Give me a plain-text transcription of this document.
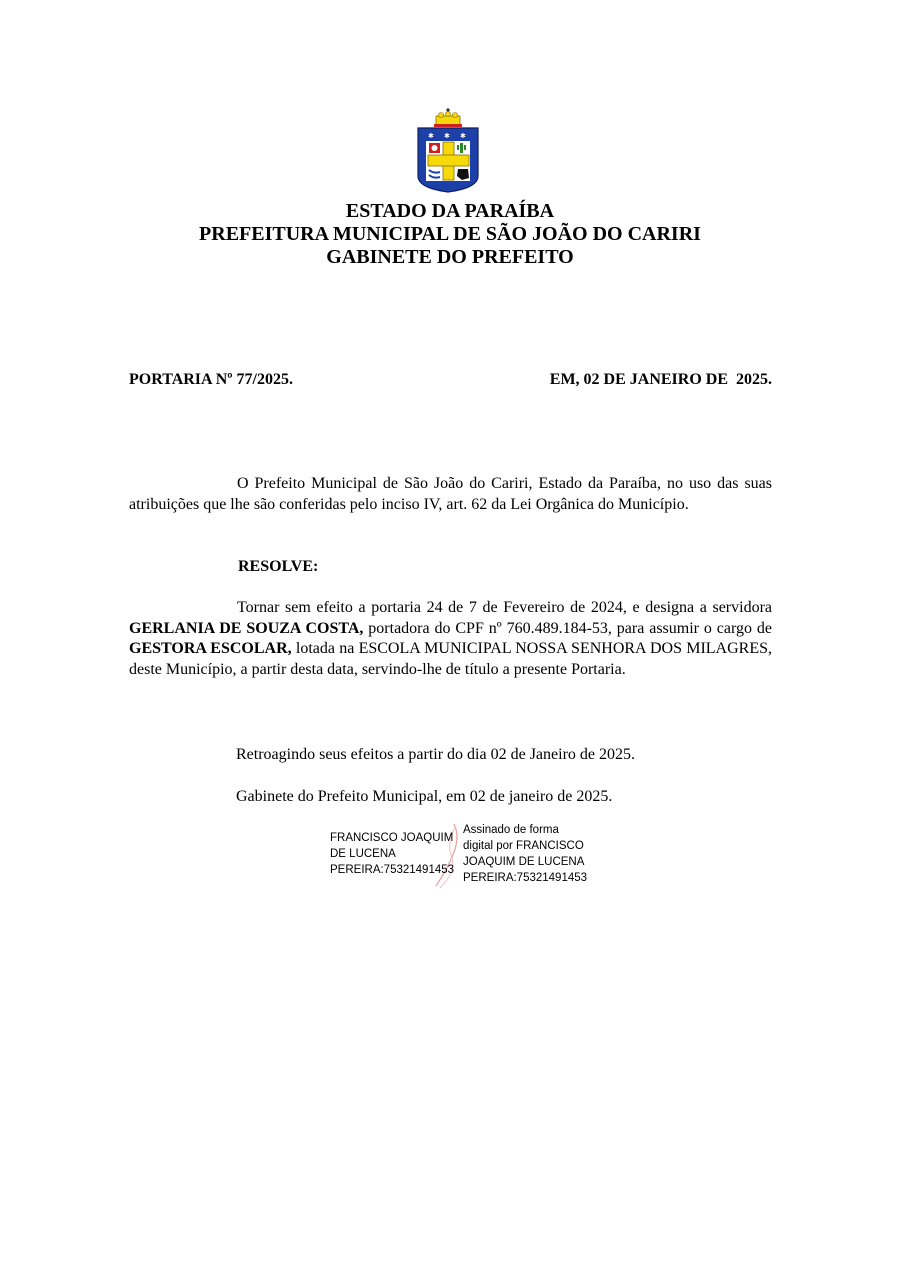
✱ ✱ ✱
ESTADO DA PARAÍBA
PREFEITURA MUNICIPAL DE SÃO JOÃO DO CARIRI
GABINETE DO PREFEITO
PORTARIA Nº 77/2025.	EM, 02 DE JANEIRO DE  2025.
O Prefeito Municipal de São João do Cariri, Estado da Paraíba, no uso das suas atribuições que lhe são conferidas pelo inciso IV, art. 62 da Lei Orgânica do Município.
RESOLVE:
Tornar sem efeito a portaria 24 de 7 de Fevereiro de 2024, e designa a servidora GERLANIA DE SOUZA COSTA, portadora do CPF nº 760.489.184-53, para assumir o cargo de GESTORA ESCOLAR, lotada na ESCOLA MUNICIPAL NOSSA SENHORA DOS MILAGRES, deste Município, a partir desta data, servindo-lhe de título a presente Portaria.
Retroagindo seus efeitos a partir do dia 02 de Janeiro de 2025.
Gabinete do Prefeito Municipal, em 02 de janeiro de 2025.
FRANCISCO JOAQUIM
DE LUCENA
PEREIRA:75321491453
Assinado de forma
digital por FRANCISCO
JOAQUIM DE LUCENA
PEREIRA:75321491453
